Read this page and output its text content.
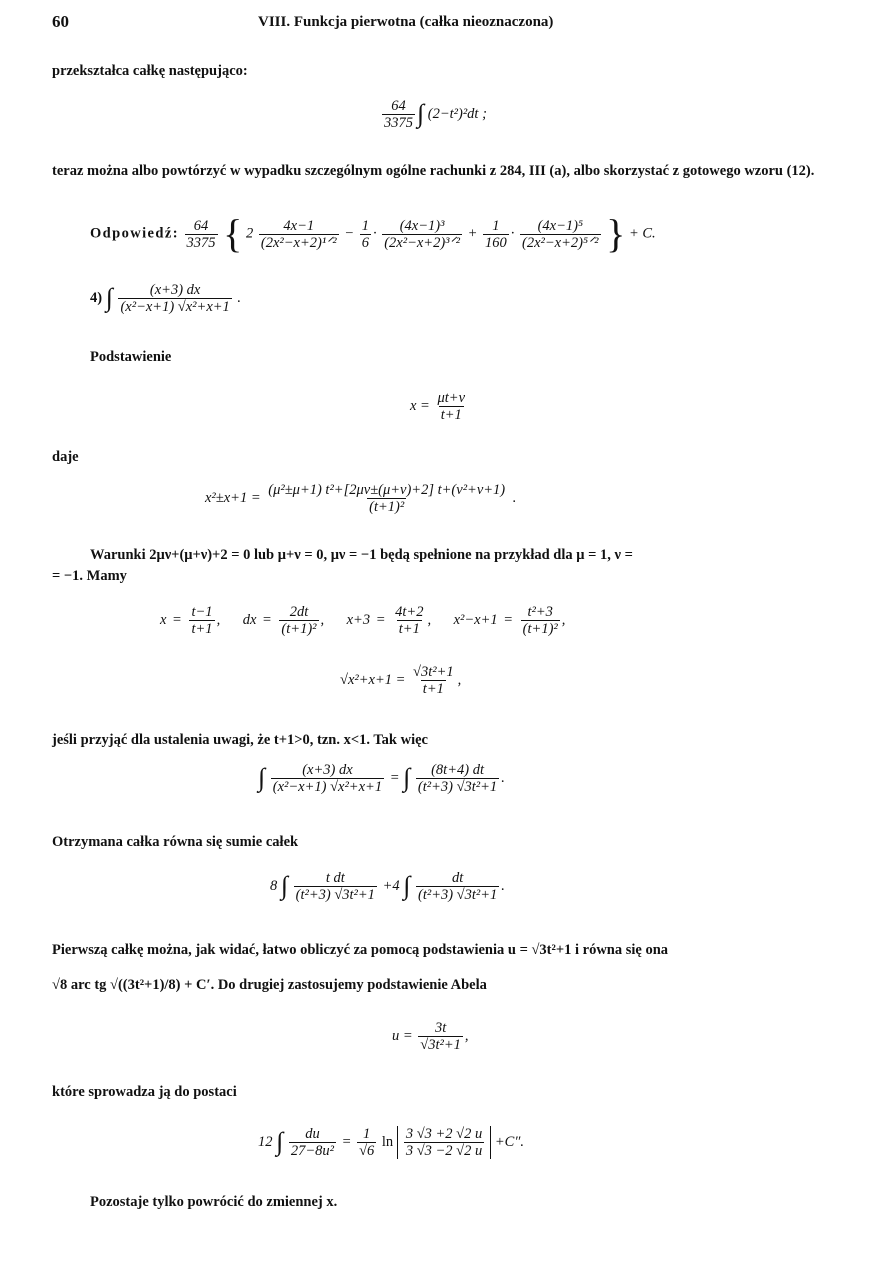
60	VIII. Funkcja pierwotna (całka nieoznaczona)
przekształca całkę następująco:
$\frac{64}{3375}$ ∫ (2−t²)²dt ;
teraz można albo powtórzyć w wypadku szczególnym ogólne rachunki z 284, III (a), albo skorzystać z gotowego wzoru (12).
Odpowiedź: $\frac{64}{3375}$ { $2 \frac{4x-1}{\text{(2x²−x+2)¹ᐟ²}} - \frac{1}{6} \cdot \frac{\text{(4x−1)³}}{\text{(2x²−x+2)³ᐟ²}} + \frac{1}{160} \cdot \frac{\text{(4x−1)⁵}}{\text{(2x²−x+2)⁵ᐟ²}}$ } + C.
4) ∫ $\frac{(x+3) dx}{\text{(x²−x+1) √x²+x+1}}$ .
Podstawienie
$x = \frac{\mu t+\nu}{t+1}$
daje
$x^2\pm x+1 = \frac{\text{(μ²±μ+1) t²+[2μν±(μ+ν)+2] t+(ν²+ν+1)}}{\text{(t+1)²}}$ .
Warunki 2μν+(μ+ν)+2 = 0 lub μ+ν = 0, μν = −1 będą spełnione na przykład dla μ = 1, ν =
= −1. Mamy
$x = \frac{t-1}{t+1}$ ,    dx = $\frac{2dt}{\text{(t+1)²}}$ ,    $x+3 = \frac{4t+2}{t+1}$ ,    $x^2-x+1 = \frac{\text{t²+3}}{\text{(t+1)²}}$ ,
$√x^2+x+1 = \frac{\text{√3t²+1}}{t+1}$ ,
jeśli przyjąć dla ustalenia uwagi, że t+1>0, tzn. x<1. Tak więc
∫ $\frac{(x+3) dx}{\text{(x²−x+1) √x²+x+1}}$ = ∫ $\frac{(8t+4) dt}{\text{(t²+3) √3t²+1}}$ .
Otrzymana całka równa się sumie całek
8 ∫ $\frac{\text{t dt}}{\text{(t²+3) √3t²+1}} +4$ ∫ $\frac{dt}{\text{(t²+3) √3t²+1}}$ .
Pierwszą całkę można, jak widać, łatwo obliczyć za pomocą podstawienia u = √3t²+1 i równa się ona
√8 arc tg √((3t²+1)/8) + C′. Do drugiej zastosujemy podstawienie Abela
$u = \frac{3t}{\text{√3t²+1}}$ ,
które sprowadza ją do postaci
12 ∫ $\frac{du}{\text{27−8u²}} = \frac{1}{√6}$ $\ln \frac{3 √3 +2 √2 u}{3 √3 -2 √2 u} +C''$.
Pozostaje tylko powrócić do zmiennej x.
